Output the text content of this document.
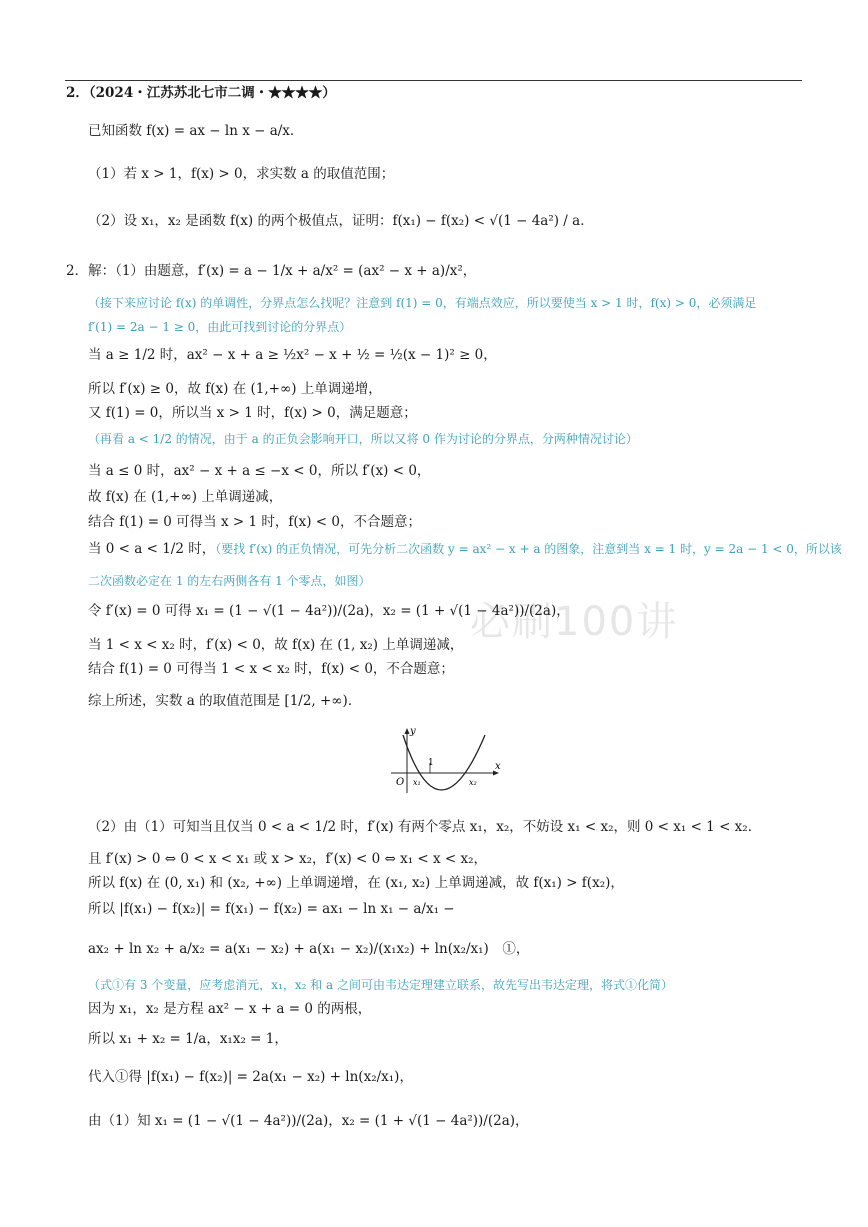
必刷100讲
2．（2024・江苏苏北七市二调・★★★★）
已知函数 f(x) = ax − ln x − a/x．
（1）若 x > 1，f(x) > 0，求实数 a 的取值范围；
（2）设 x₁，x₂ 是函数 f(x) 的两个极值点，证明：f(x₁) − f(x₂) < √(1 − 4a²) / a．
2．解：（1）由题意，f′(x) = a − 1/x + a/x² = (ax² − x + a)/x²，
（接下来应讨论 f(x) 的单调性，分界点怎么找呢？注意到 f(1) = 0，有端点效应，所以要使当 x > 1 时，f(x) > 0，必须满足
f′(1) = 2a − 1 ≥ 0，由此可找到讨论的分界点）
当 a ≥ 1/2 时，ax² − x + a ≥ ½x² − x + ½ = ½(x − 1)² ≥ 0，
所以 f′(x) ≥ 0，故 f(x) 在 (1,+∞) 上单调递增，
又 f(1) = 0，所以当 x > 1 时，f(x) > 0，满足题意；
（再看 a < 1/2 的情况，由于 a 的正负会影响开口，所以又将 0 作为讨论的分界点，分两种情况讨论）
当 a ≤ 0 时，ax² − x + a ≤ −x < 0，所以 f′(x) < 0，
故 f(x) 在 (1,+∞) 上单调递减，
结合 f(1) = 0 可得当 x > 1 时，f(x) < 0，不合题意；
当 0 < a < 1/2 时，（要找 f′(x) 的正负情况，可先分析二次函数 y = ax² − x + a 的图象，注意到当 x = 1 时，y = 2a − 1 < 0，所以该
二次函数必定在 1 的左右两侧各有 1 个零点，如图）
令 f′(x) = 0 可得 x₁ = (1 − √(1 − 4a²))/(2a)，x₂ = (1 + √(1 − 4a²))/(2a)，
当 1 < x < x₂ 时，f′(x) < 0，故 f(x) 在 (1, x₂) 上单调递减，
结合 f(1) = 0 可得当 1 < x < x₂ 时，f(x) < 0，不合题意；
综上所述，实数 a 的取值范围是 [1/2, +∞)．
y
x
O x₁
1
x₂
（2）由（1）可知当且仅当 0 < a < 1/2 时，f′(x) 有两个零点 x₁，x₂，不妨设 x₁ < x₂，则 0 < x₁ < 1 < x₂．
且 f′(x) > 0 ⇔ 0 < x < x₁ 或 x > x₂，f′(x) < 0 ⇔ x₁ < x < x₂，
所以 f(x) 在 (0, x₁) 和 (x₂, +∞) 上单调递增，在 (x₁, x₂) 上单调递减，故 f(x₁) > f(x₂)，
所以 |f(x₁) − f(x₂)| = f(x₁) − f(x₂) = ax₁ − ln x₁ − a/x₁ −
ax₂ + ln x₂ + a/x₂ = a(x₁ − x₂) + a(x₁ − x₂)/(x₁x₂) + ln(x₂/x₁)　①，
（式①有 3 个变量，应考虑消元，x₁，x₂ 和 a 之间可由韦达定理建立联系，故先写出韦达定理，将式①化简）
因为 x₁，x₂ 是方程 ax² − x + a = 0 的两根，
所以 x₁ + x₂ = 1/a，x₁x₂ = 1，
代入①得 |f(x₁) − f(x₂)| = 2a(x₁ − x₂) + ln(x₂/x₁)，
由（1）知 x₁ = (1 − √(1 − 4a²))/(2a)，x₂ = (1 + √(1 − 4a²))/(2a)，
